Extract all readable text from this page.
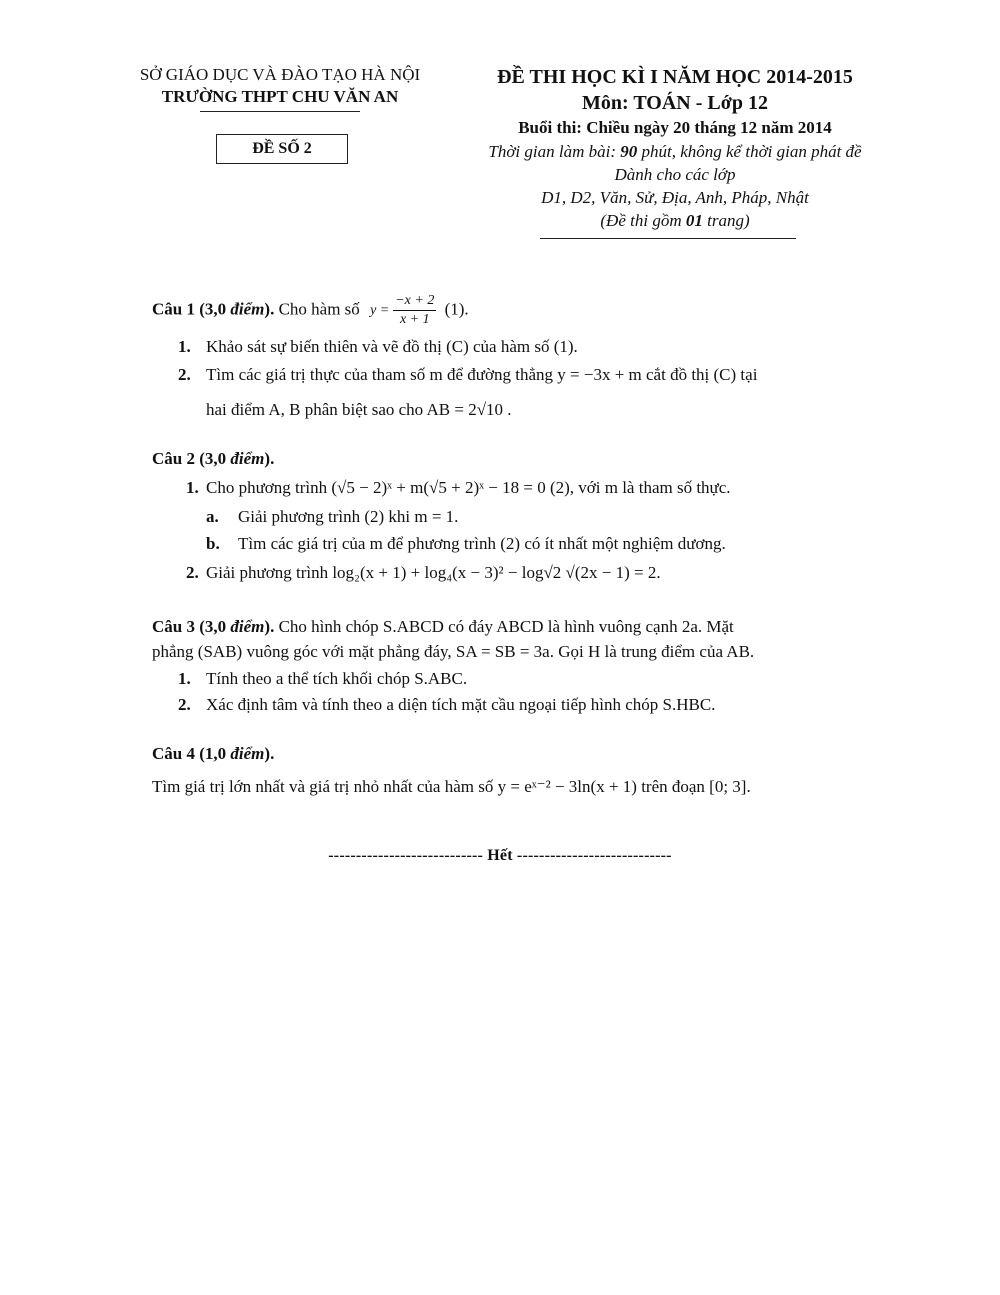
SỞ GIÁO DỤC VÀ ĐÀO TẠO HÀ NỘI
TRƯỜNG THPT CHU VĂN AN
ĐỀ SỐ 2
ĐỀ THI HỌC KÌ I NĂM HỌC 2014-2015
Môn: TOÁN - Lớp 12
Buổi thi: Chiều ngày 20 tháng 12 năm 2014
Thời gian làm bài: 90 phút, không kể thời gian phát đề
Dành cho các lớp
D1, D2, Văn, Sử, Địa, Anh, Pháp, Nhật
(Đề thi gồm 01 trang)
Câu 1 (3,0 điểm). Cho hàm số $y = \frac{-x + 2}{x + 1} (1)$.
1. Khảo sát sự biến thiên và vẽ đồ thị (C) của hàm số (1).
2. Tìm các giá trị thực của tham số m để đường thẳng y = −3x + m cắt đồ thị (C) tại
hai điểm A, B phân biệt sao cho AB = 2√10 .
Câu 2 (3,0 điểm).
1. Cho phương trình (√5 − 2)ˣ + m(√5 + 2)ˣ − 18 = 0 (2), với m là tham số thực.
a. Giải phương trình (2) khi m = 1.
b. Tìm các giá trị của m để phương trình (2) có ít nhất một nghiệm dương.
2. Giải phương trình log₂(x + 1) + log₄(x − 3)² − log√2 √(2x − 1) = 2.
Câu 3 (3,0 điểm). Cho hình chóp S.ABCD có đáy ABCD là hình vuông cạnh 2a. Mặt
phẳng (SAB) vuông góc với mặt phẳng đáy, SA = SB = 3a. Gọi H là trung điểm của AB.
1. Tính theo a thể tích khối chóp S.ABC.
2. Xác định tâm và tính theo a diện tích mặt cầu ngoại tiếp hình chóp S.HBC.
Câu 4 (1,0 điểm).
Tìm giá trị lớn nhất và giá trị nhỏ nhất của hàm số y = eˣ⁻² − 3ln(x + 1) trên đoạn [0; 3].
---------------------------- Hết ----------------------------
